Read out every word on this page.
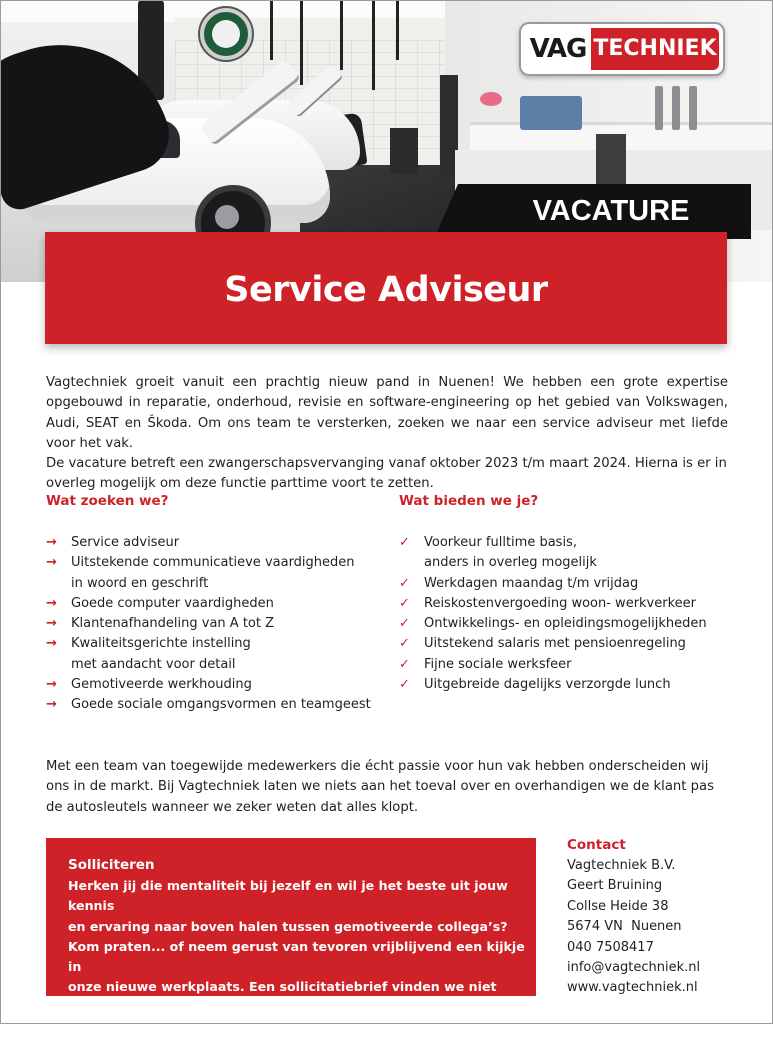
VAG TECHNIEK
VACATURE
Service Adviseur

Vagtechniek groeit vanuit een prachtig nieuw pand in Nuenen! We hebben een grote expertise opgebouwd in reparatie, onderhoud, revisie en software-engineering op het gebied van Volkswagen, Audi, SEAT en Škoda. Om ons team te versterken, zoeken we naar een service adviseur met liefde voor het vak.

De vacature betreft een zwangerschapsvervanging vanaf oktober 2023 t/m maart 2024. Hierna is er in overleg mogelijk om deze functie parttime voort te zetten.

Wat zoeken we?
→ Service adviseur
→ Uitstekende communicatieve vaardigheden
in woord en geschrift
→ Goede computer vaardigheden
→ Klantenafhandeling van A tot Z
→ Kwaliteitsgerichte instelling
met aandacht voor detail
→ Gemotiveerde werkhouding
→ Goede sociale omgangsvormen en teamgeest
Wat bieden we je?
✓ Voorkeur fulltime basis,
anders in overleg mogelijk
✓ Werkdagen maandag t/m vrijdag
✓ Reiskostenvergoeding woon- werkverkeer
✓ Ontwikkelings- en opleidingsmogelijkheden
✓ Uitstekend salaris met pensioenregeling
✓ Fijne sociale werksfeer
✓ Uitgebreide dagelijks verzorgde lunch

Met een team van toegewijde medewerkers die écht passie voor hun vak hebben onderscheiden wij ons in de markt. Bij Vagtechniek laten we niets aan het toeval over en overhandigen we de klant pas de autosleutels wanneer we zeker weten dat alles klopt.

Solliciteren

Herken jij die mentaliteit bij jezelf en wil je het beste uit jouw kennis

en ervaring naar boven halen tussen gemotiveerde collega’s?

Kom praten... of neem gerust van tevoren vrijblijvend een kijkje in

onze nieuwe werkplaats. Een sollicitatiebrief vinden we niet nodig,

we willen liever persoonlijk jouw verhaal horen. Bel of mail ons even!

Contact
Vagtechniek B.V.
Geert Bruining
Collse Heide 38
5674 VN  Nuenen
040 7508417
info@vagtechniek.nl
www.vagtechniek.nl
